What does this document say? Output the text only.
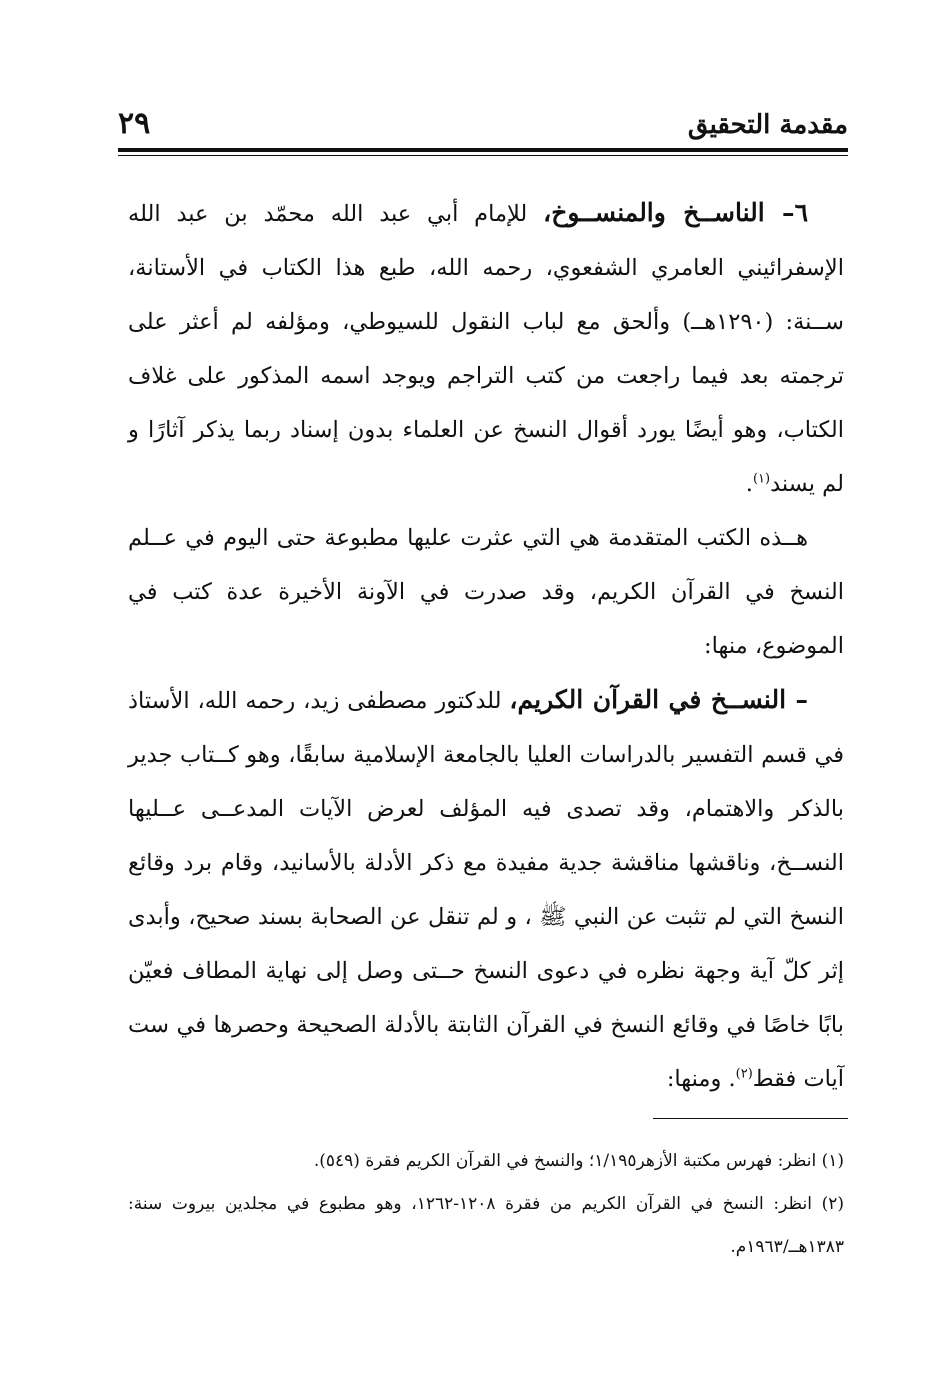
مقدمة التحقيق
٢٩

٦– الناســخ والمنســوخ، للإمام أبي عبد الله محمّد بن عبد الله الإسفرائيني العامري الشفعوي، رحمه الله، طبع هذا الكتاب في الأستانة، ســنة: (١٢٩٠هــ) وألحق مع لباب النقول للسيوطي، ومؤلفه لم أعثر على ترجمته بعد فيما راجعت من كتب التراجم ويوجد اسمه المذكور على غلاف الكتاب، وهو أيضًا يورد أقوال النسخ عن العلماء بدون إسناد ربما يذكر آثارًا و لم يسند$^{(١)}$.

هــذه الكتب المتقدمة هي التي عثرت عليها مطبوعة حتى اليوم في عــلم النسخ في القرآن الكريم، وقد صدرت في الآونة الأخيرة عدة كتب في الموضوع، منها:

– النســخ في القرآن الكريم، للدكتور مصطفى زيد، رحمه الله، الأستاذ في قسم التفسير بالدراسات العليا بالجامعة الإسلامية سابقًا، وهو كــتاب جدير بالذكر والاهتمام، وقد تصدى فيه المؤلف لعرض الآيات المدعــى عــليها النســخ، وناقشها مناقشة جدية مفيدة مع ذكر الأدلة بالأسانيد، وقام برد وقائع النسخ التي لم تثبت عن النبي ﷺ ، و لم تنقل عن الصحابة بسند صحيح، وأبدى إثر كلّ آية وجهة نظره في دعوى النسخ حــتى وصل إلى نهاية المطاف فعيّن بابًا خاصًا في وقائع النسخ في القرآن الثابتة بالأدلة الصحيحة وحصرها في ست آيات فقط$^{(٢)}$. ومنها:

(١) انظر: فهرس مكتبة الأزهر١/١٩٥؛ والنسخ في القرآن الكريم فقرة (٥٤٩).

(٢) انظر: النسخ في القرآن الكريم من فقرة ١٢٠٨-١٢٦٢، وهو مطبوع في مجلدين بيروت سنة: ١٣٨٣هــ/١٩٦٣م.
